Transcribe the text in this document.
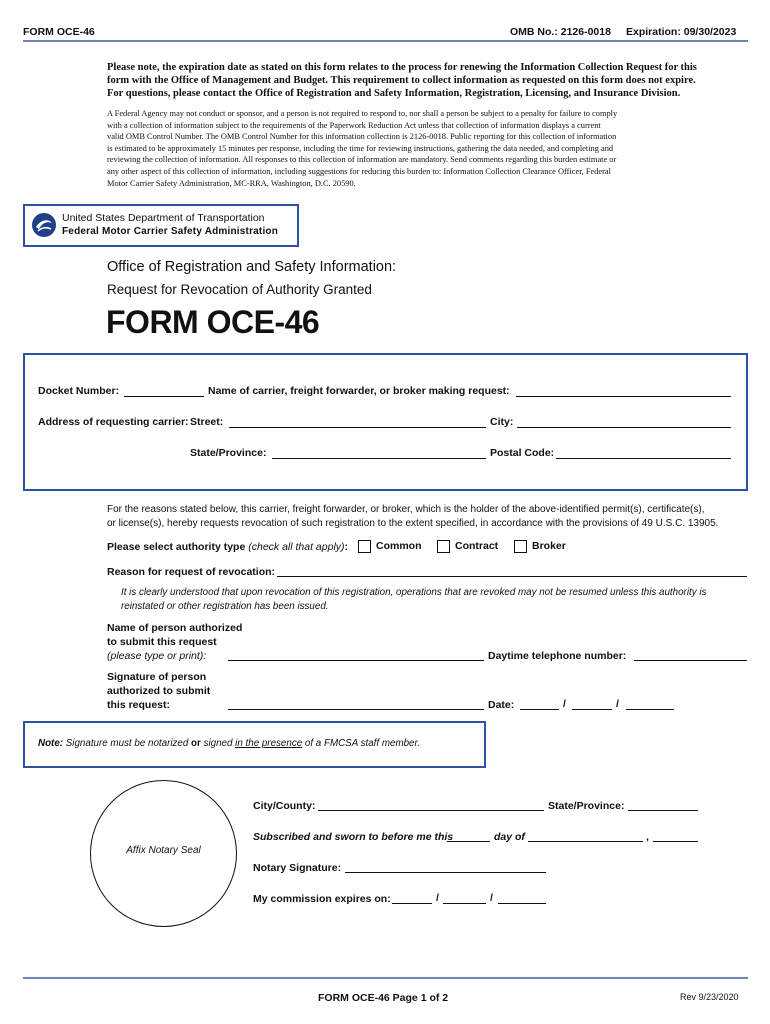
FORM OCE-46	OMB No.: 2126-0018 Expiration: 09/30/2023
Please note, the expiration date as stated on this form relates to the process for renewing the Information Collection Request for this
form with the Office of Management and Budget. This requirement to collect information as requested on this form does not expire.
For questions, please contact the Office of Registration and Safety Information, Registration, Licensing, and Insurance Division.
A Federal Agency may not conduct or sponsor, and a person is not required to respond to, nor shall a person be subject to a penalty for failure to comply
with a collection of information subject to the requirements of the Paperwork Reduction Act unless that collection of information displays a current
valid OMB Control Number. The OMB Control Number for this information collection is 2126-0018. Public reporting for this collection of information
is estimated to be approximately 15 minutes per response, including the time for reviewing instructions, gathering the data needed, and completing and
reviewing the collection of information. All responses to this collection of information are mandatory. Send comments regarding this burden estimate or
any other aspect of this collection of information, including suggestions for reducing this burden to: Information Collection Clearance Officer, Federal
Motor Carrier Safety Administration, MC-RRA, Washington, D.C. 20590.
United States Department of Transportation
Federal Motor Carrier Safety Administration
Office of Registration and Safety Information:
Request for Revocation of Authority Granted
FORM OCE-46
Docket Number:	Name of carrier, freight forwarder, or broker making request:
Address of requesting carrier: Street:	City:
State/Province:	Postal Code:
For the reasons stated below, this carrier, freight forwarder, or broker, which is the holder of the above-identified permit(s), certificate(s),
or license(s), hereby requests revocation of such registration to the extent specified, in accordance with the provisions of 49 U.S.C. 13905.
Please select authority type (check all that apply):	Common	Contract	Broker
Reason for request of revocation:
It is clearly understood that upon revocation of this registration, operations that are revoked may not be resumed unless this authority is
reinstated or other registration has been issued.
Name of person authorized
to submit this request
(please type or print):	Daytime telephone number:
Signature of person
authorized to submit
this request:	Date:	/	/
Note: Signature must be notarized or signed in the presence of a FMCSA staff member.
Affix Notary Seal
City/County:	State/Province:
Subscribed and sworn to before me this	day of	,
Notary Signature:
My commission expires on:	/	/
FORM OCE-46 Page 1 of 2	Rev 9/23/2020
